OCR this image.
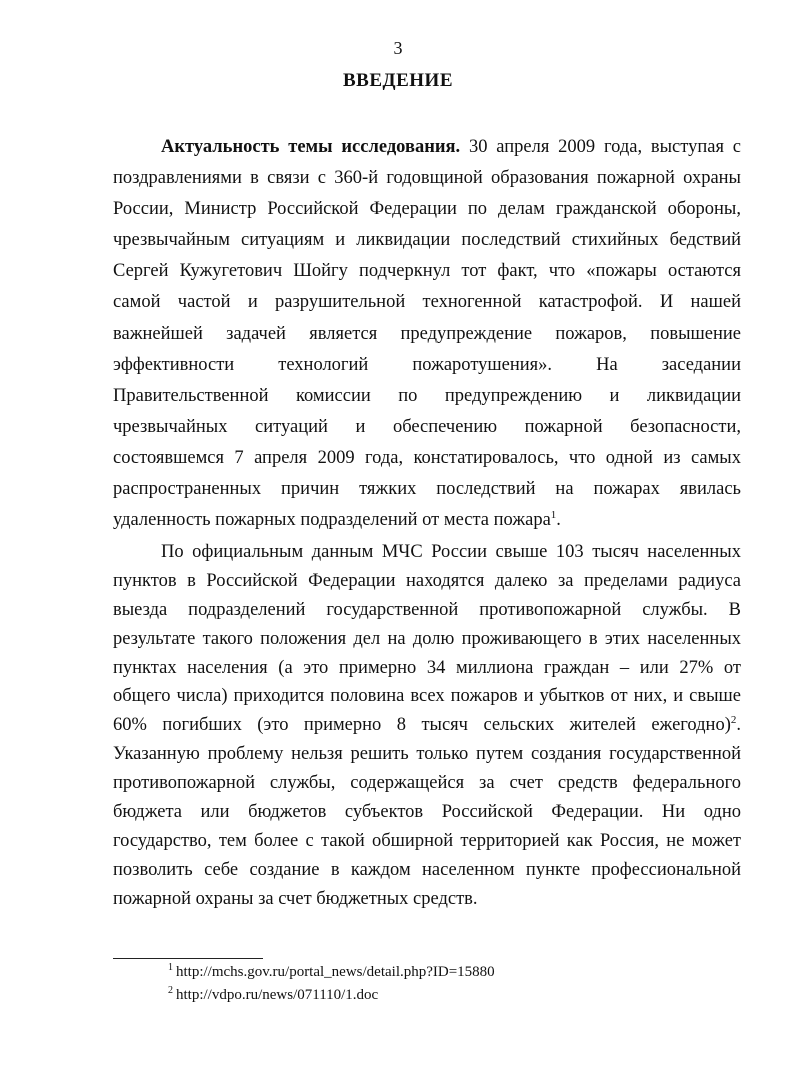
3
ВВЕДЕНИЕ
Актуальность темы исследования. 30 апреля 2009 года, выступая с
поздравлениями в связи с 360-й годовщиной образования пожарной охраны
России, Министр Российской Федерации по делам гражданской обороны,
чрезвычайным ситуациям и ликвидации последствий стихийных бедствий
Сергей Кужугетович Шойгу подчеркнул тот факт, что «пожары остаются
самой частой и разрушительной техногенной катастрофой. И нашей
важнейшей задачей является предупреждение пожаров, повышение
эффективности технологий пожаротушения». На заседании
Правительственной комиссии по предупреждению и ликвидации
чрезвычайных ситуаций и обеспечению пожарной безопасности,
состоявшемся 7 апреля 2009 года, констатировалось, что одной из самых
распространенных причин тяжких последствий на пожарах явилась
удаленность пожарных подразделений от места пожара$^1$.
По официальным данным МЧС России свыше 103 тысяч населенных
пунктов в Российской Федерации находятся далеко за пределами радиуса
выезда подразделений государственной противопожарной службы. В
результате такого положения дел на долю проживающего в этих населенных
пунктах населения (а это примерно 34 миллиона граждан – или 27% от
общего числа) приходится половина всех пожаров и убытков от них, и свыше
60% погибших (это примерно 8 тысяч сельских жителей ежегодно)$^2$.
Указанную проблему нельзя решить только путем создания государственной
противопожарной службы, содержащейся за счет средств федерального
бюджета или бюджетов субъектов Российской Федерации. Ни одно
государство, тем более с такой обширной территорией как Россия, не может
позволить себе создание в каждом населенном пункте профессиональной
пожарной охраны за счет бюджетных средств.
$^1$ http://mchs.gov.ru/portal_news/detail.php?ID=15880
$^2$ http://vdpo.ru/news/071110/1.doc
